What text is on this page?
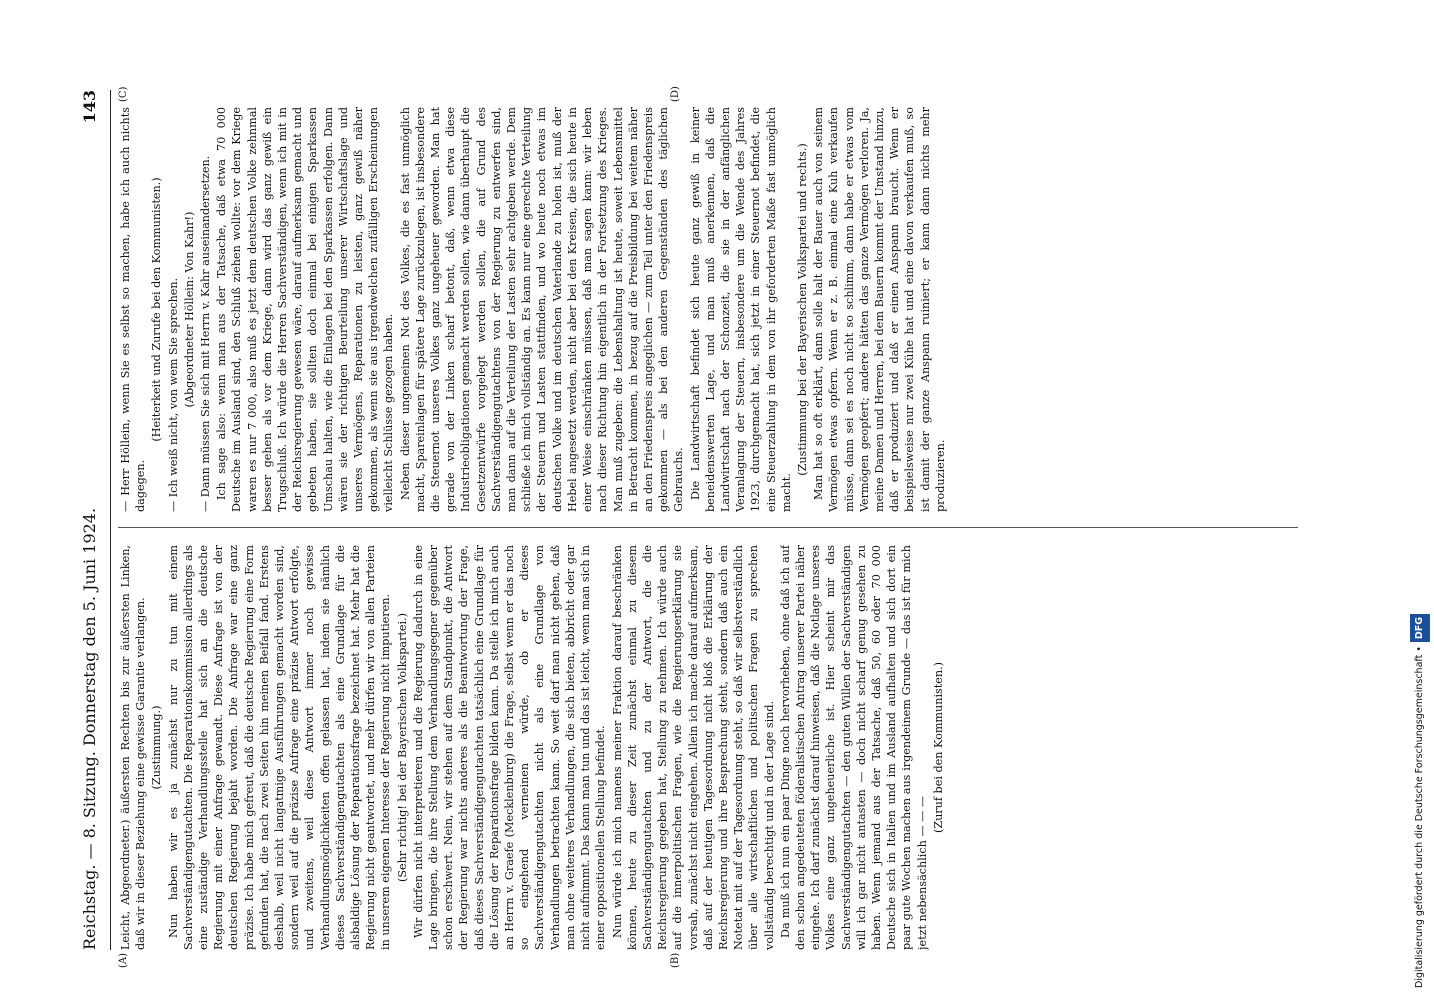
Reichstag. — 8. Sitzung. Donnerstag den 5. Juni 1924.
143
(A)	(B)
(C)	(D)

Leicht, Abgeordneter.) äußersten Rechten bis zur äußersten Linken, daß wir in dieser Beziehung eine gewisse Garantie verlangen. (Zustimmung.) Nun haben wir es ja zunächst nur zu tun mit einem Sachverständigengutachten. Die Reparationskommission allerdings als eine zuständige Verhandlungsstelle hat sich an die deutsche Regierung mit einer Anfrage gewandt. Diese Anfrage ist von der deutschen Regierung bejaht worden. Die Anfrage war eine ganz präzise. Ich habe mich gefreut, daß die deutsche Regierung eine Form gefunden hat, die nach zwei Seiten hin meinen Beifall fand. Erstens deshalb, weil nicht langatmige Ausführungen gemacht worden sind, sondern weil auf die präzise Anfrage eine präzise Antwort erfolgte, und zweitens, weil diese Antwort immer noch gewisse Verhandlungsmöglichkeiten offen gelassen hat, indem sie nämlich dieses Sachverständigengutachten als eine Grundlage für die alsbaldige Lösung der Reparationsfrage bezeichnet hat. Mehr hat die Regierung nicht geantwortet, und mehr dürfen wir von allen Parteien in unserem eigenen Interesse der Regierung nicht imputieren. (Sehr richtig! bei der Bayerischen Volkspartei.) Wir dürfen nicht interpretieren und die Regierung dadurch in eine Lage bringen, die ihre Stellung dem Verhandlungsgegner gegenüber schon erschwert. Nein, wir stehen auf dem Standpunkt, die Antwort der Regierung war nichts anderes als die Beantwortung der Frage, daß dieses Sachverständigengutachten tatsächlich eine Grundlage für die Lösung der Reparationsfrage bilden kann. Da stelle ich mich auch an Herrn v. Graefe (Mecklenburg) die Frage, selbst wenn er das noch so eingehend verneinen würde, ob er dieses Sachverständigengutachten nicht als eine Grundlage von Verhandlungen betrachten kann. So weit darf man nicht gehen, daß man ohne weiteres Verhandlungen, die sich bieten, abbricht oder gar nicht aufnimmt. Das kann man tun und das ist leicht, wenn man sich in einer oppositionellen Stellung befindet. Nun würde ich mich namens meiner Fraktion darauf beschränken können, heute zu dieser Zeit zunächst einmal zu diesem Sachverständigengutachten und zu der Antwort, die die Reichsregierung gegeben hat, Stellung zu nehmen. Ich würde auch auf die innerpolitischen Fragen, wie die Regierungserklärung sie vorsah, zunächst nicht eingehen. Allein ich mache darauf aufmerksam, daß auf der heutigen Tagesordnung nicht bloß die Erklärung der Reichsregierung und ihre Besprechung steht, sondern daß auch ein Notetat mit auf der Tagesordnung steht, so daß wir selbstverständlich über alle wirtschaftlichen und politischen Fragen zu sprechen vollständig berechtigt und in der Lage sind. Da muß ich nun ein paar Dinge noch hervorheben, ohne daß ich auf den schon angedeuteten föderalistischen Antrag unserer Partei näher eingehe. Ich darf zunächst darauf hinweisen, daß die Notlage unseres Volkes eine ganz ungeheuerliche ist. Hier scheint mir das Sachverständigengutachten — den guten Willen der Sachverständigen will ich gar nicht antasten — doch nicht scharf genug gesehen zu haben. Wenn jemand aus der Tatsache, daß 50, 60 oder 70 000 Deutsche sich in Italien und im Ausland aufhalten und sich dort ein paar gute Wochen machen aus irgendeinem Grunde — das ist für mich jetzt nebensächlich — — —

(Zuruf bei den Kommunisten.)

— Herr Höllein, wenn Sie es selbst so machen, habe ich auch nichts dagegen.

(Heiterkeit und Zurufe bei den Kommunisten.) — Ich weiß nicht, von wem Sie sprechen. (Abgeordneter Höllein: Von Kahr!) — Dann müssen Sie sich mit Herrn v. Kahr auseinandersetzen. Ich sage also: wenn man aus der Tatsache, daß etwa 70 000 Deutsche im Ausland sind, den Schluß ziehen wollte: vor dem Kriege waren es nur 7 000, also muß es jetzt dem deutschen Volke zehnmal besser gehen als vor dem Kriege, dann wird das ganz gewiß ein Trugschluß. Ich würde die Herren Sachverständigen, wenn ich mit in der Reichsregierung gewesen wäre, darauf aufmerksam gemacht und gebeten haben, sie sollten doch einmal bei einigen Sparkassen Umschau halten, wie die Einlagen bei den Sparkassen erfolgen. Dann wären sie der richtigen Beurteilung unserer Wirtschaftslage und unseres Vermögens, Reparationen zu leisten, ganz gewiß näher gekommen, als wenn sie aus irgendwelchen zufälligen Erscheinungen vielleicht Schlüsse gezogen haben. Neben dieser ungemeinen Not des Volkes, die es fast unmöglich macht, Spareinlagen für spätere Lage zurückzulegen, ist insbesondere die Steuernot unseres Volkes ganz ungeheuer geworden. Man hat gerade von der Linken scharf betont, daß, wenn etwa diese Industrieobligationen gemacht werden sollen, wie dann überhaupt die Gesetzentwürfe vorgelegt werden sollen, die auf Grund des Sachverständigengutachtens von der Regierung zu entwerfen sind, man dann auf die Verteilung der Lasten sehr achtgeben werde. Dem schließe ich mich vollständig an. Es kann nur eine gerechte Verteilung der Steuern und Lasten stattfinden, und wo heute noch etwas im deutschen Volke und im deutschen Vaterlande zu holen ist, muß der Hebel angesetzt werden, nicht aber bei den Kreisen, die sich heute in einer Weise einschränken müssen, daß man sagen kann: wir leben nach dieser Richtung hin eigentlich in der Fortsetzung des Krieges. Man muß zugeben: die Lebenshaltung ist heute, soweit Lebensmittel in Betracht kommen, in bezug auf die Preisbildung bei weitem näher an den Friedenspreis angeglichen — zum Teil unter den Friedenspreis gekommen — als bei den anderen Gegenständen des täglichen Gebrauchs. Die Landwirtschaft befindet sich heute ganz gewiß in keiner beneidenswerten Lage, und man muß anerkennen, daß die Landwirtschaft nach der Schonzeit, die sie in der anfänglichen Veranlagung der Steuern, insbesondere um die Wende des Jahres 1923, durchgemacht hat, sich jetzt in einer Steuernot befindet, die eine Steuerzahlung in dem von ihr geforderten Maße fast unmöglich macht.

(Zustimmung bei der Bayerischen Volkspartei und rechts.) Man hat so oft erklärt, dann solle halt der Bauer auch von seinem Vermögen etwas opfern. Wenn er z. B. einmal eine Kuh verkaufen müsse, dann sei es noch nicht so schlimm, dann habe er etwas vom Vermögen geopfert; andere hätten das ganze Vermögen verloren. Ja, meine Damen und Herren, bei dem Bauern kommt der Umstand hinzu, daß er produziert und daß er einen Anspann braucht. Wenn er beispielsweise nur zwei Kühe hat und eine davon verkaufen muß, so ist damit der ganze Anspann ruiniert; er kann dann nichts mehr produzieren.

Digitalisierung gefördert durch die Deutsche Forschungsgemeinschaft •DFG
